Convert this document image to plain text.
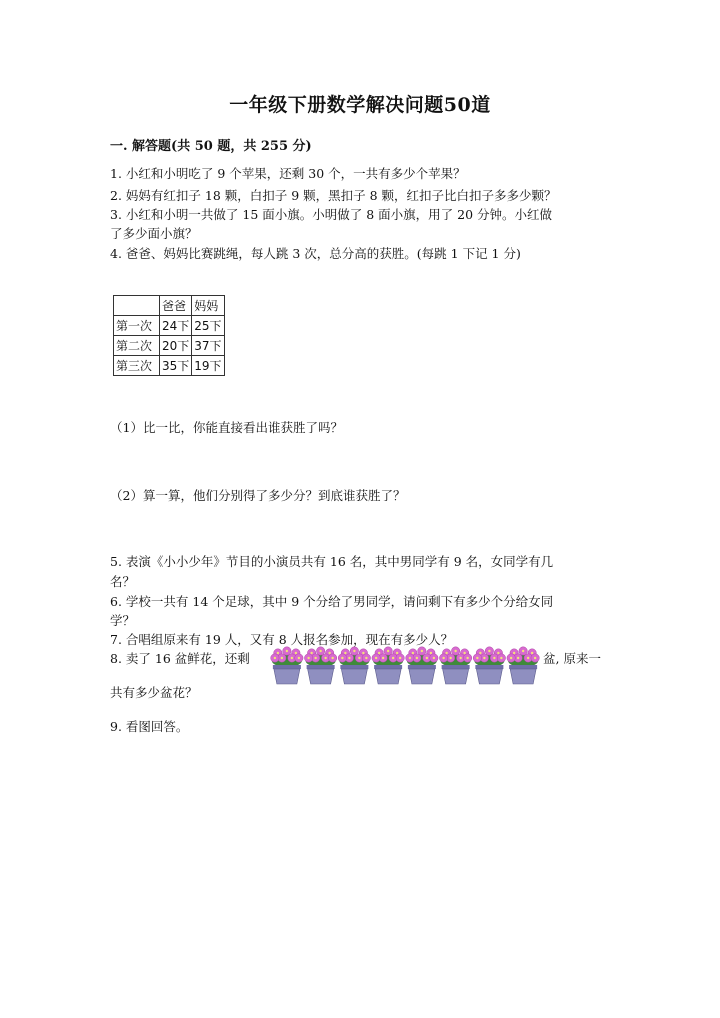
一年级下册数学解决问题50道
一. 解答题(共 50 题，共 255 分)
1. 小红和小明吃了 9 个苹果，还剩 30 个，一共有多少个苹果？
2. 妈妈有红扣子 18 颗，白扣子 9 颗，黑扣子 8 颗，红扣子比白扣子多多少颗？
3. 小红和小明一共做了 15 面小旗。小明做了 8 面小旗，用了 20 分钟。小红做
了多少面小旗？
4. 爸爸、妈妈比赛跳绳，每人跳 3 次，总分高的获胜。(每跳 1 下记 1 分)
	爸爸	妈妈
第一次	24下	25下
第二次	20下	37下
第三次	35下	19下
（1）比一比，你能直接看出谁获胜了吗？
（2）算一算，他们分别得了多少分？到底谁获胜了？
5. 表演《小小少年》节目的小演员共有 16 名，其中男同学有 9 名，女同学有几
名？
6. 学校一共有 14 个足球，其中 9 个分给了男同学，请问剩下有多少个分给女同
学？
7. 合唱组原来有 19 人，又有 8 人报名参加，现在有多少人？
8. 卖了 16 盆鲜花，还剩	盆, 原来一
共有多少盆花？
9. 看图回答。
